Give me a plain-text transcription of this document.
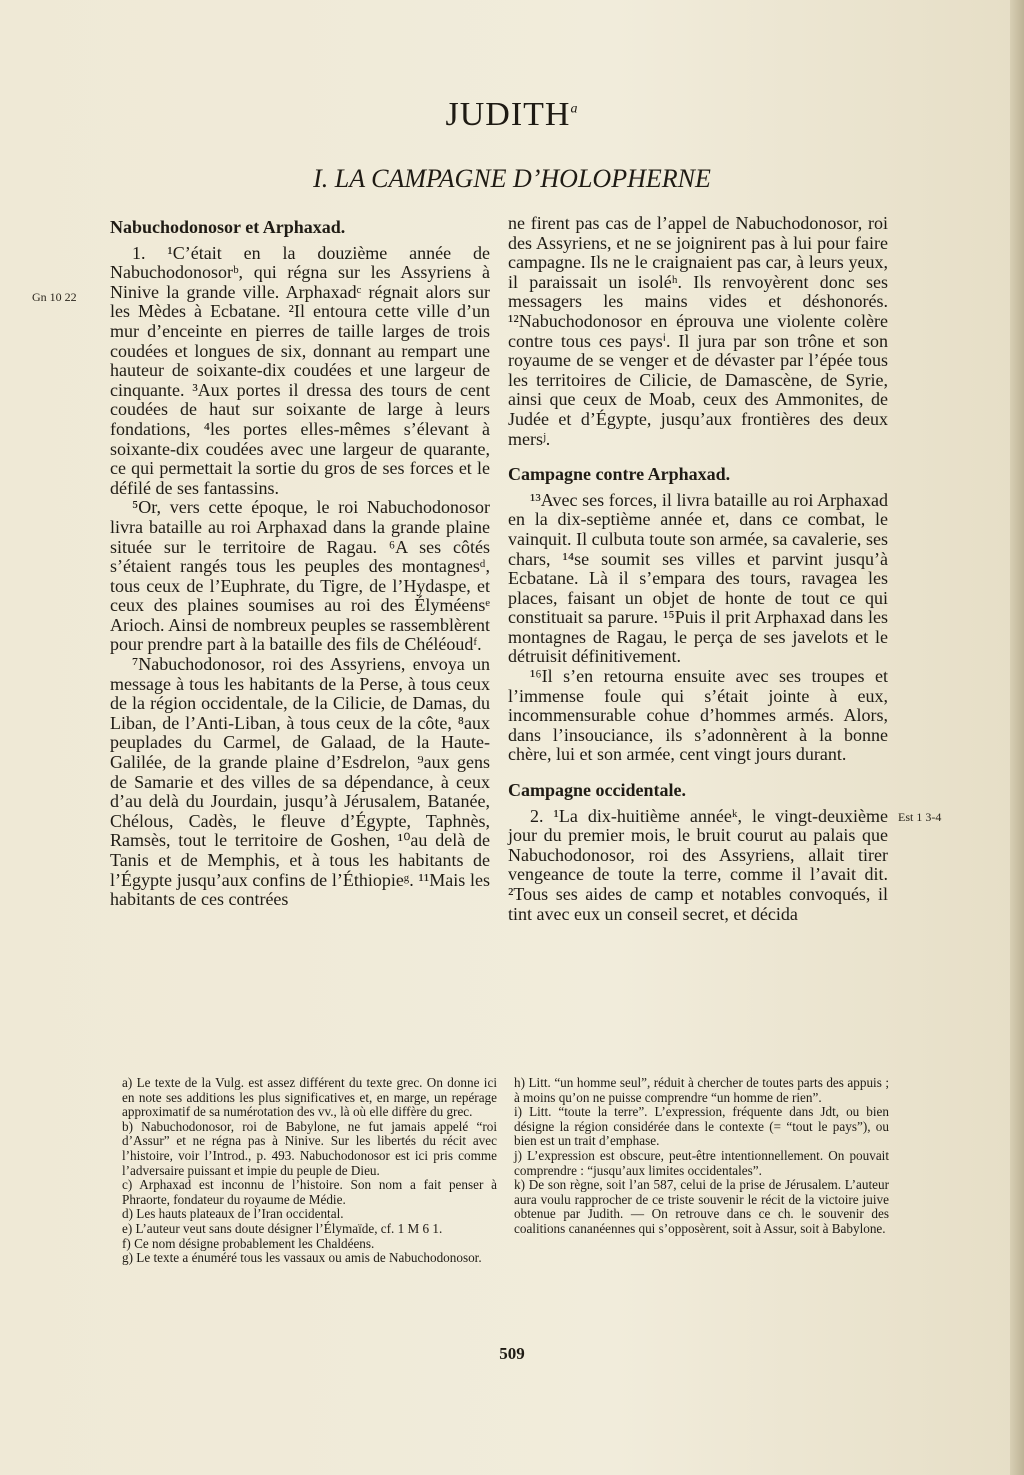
JUDITH$^a$
I. LA CAMPAGNE D’HOLOPHERNE
Gn 10 22
Est 1 3-4
Nabuchodonosor et Arphaxad.

1. ¹C’était en la douzième année de Nabuchodonosorᵇ, qui régna sur les Assyriens à Ninive la grande ville. Arphaxadᶜ régnait alors sur les Mèdes à Ecbatane. ²Il entoura cette ville d’un mur d’enceinte en pierres de taille larges de trois coudées et longues de six, donnant au rempart une hauteur de soixante-dix coudées et une largeur de cinquante. ³Aux portes il dressa des tours de cent coudées de haut sur soixante de large à leurs fondations, ⁴les portes elles-mêmes s’élevant à soixante-dix coudées avec une largeur de quarante, ce qui permettait la sortie du gros de ses forces et le défilé de ses fantassins.

⁵Or, vers cette époque, le roi Nabuchodonosor livra bataille au roi Arphaxad dans la grande plaine située sur le territoire de Ragau. ⁶A ses côtés s’étaient rangés tous les peuples des montagnesᵈ, tous ceux de l’Euphrate, du Tigre, de l’Hydaspe, et ceux des plaines soumises au roi des Élyméensᵉ Arioch. Ainsi de nombreux peuples se rassemblèrent pour prendre part à la bataille des fils de Chéléoudᶠ.

⁷Nabuchodonosor, roi des Assyriens, envoya un message à tous les habitants de la Perse, à tous ceux de la région occidentale, de la Cilicie, de Damas, du Liban, de l’Anti-Liban, à tous ceux de la côte, ⁸aux peuplades du Carmel, de Galaad, de la Haute-Galilée, de la grande plaine d’Esdrelon, ⁹aux gens de Samarie et des villes de sa dépendance, à ceux d’au delà du Jourdain, jusqu’à Jérusalem, Batanée, Chélous, Cadès, le fleuve d’Égypte, Taphnès, Ramsès, tout le territoire de Goshen, ¹⁰au delà de Tanis et de Memphis, et à tous les habitants de l’Égypte jusqu’aux confins de l’Éthiopieᵍ. ¹¹Mais les habitants de ces contrées

ne firent pas cas de l’appel de Nabuchodonosor, roi des Assyriens, et ne se joignirent pas à lui pour faire campagne. Ils ne le craignaient pas car, à leurs yeux, il paraissait un isoléʰ. Ils renvoyèrent donc ses messagers les mains vides et déshonorés. ¹²Nabuchodonosor en éprouva une violente colère contre tous ces paysⁱ. Il jura par son trône et son royaume de se venger et de dévaster par l’épée tous les territoires de Cilicie, de Damascène, de Syrie, ainsi que ceux de Moab, ceux des Ammonites, de Judée et d’Égypte, jusqu’aux frontières des deux mersʲ.

Campagne contre Arphaxad.

¹³Avec ses forces, il livra bataille au roi Arphaxad en la dix-septième année et, dans ce combat, le vainquit. Il culbuta toute son armée, sa cavalerie, ses chars, ¹⁴se soumit ses villes et parvint jusqu’à Ecbatane. Là il s’empara des tours, ravagea les places, faisant un objet de honte de tout ce qui constituait sa parure. ¹⁵Puis il prit Arphaxad dans les montagnes de Ragau, le perça de ses javelots et le détruisit définitivement.

¹⁶Il s’en retourna ensuite avec ses troupes et l’immense foule qui s’était jointe à eux, incommensurable cohue d’hommes armés. Alors, dans l’insouciance, ils s’adonnèrent à la bonne chère, lui et son armée, cent vingt jours durant.

Campagne occidentale.

2. ¹La dix-huitième annéeᵏ, le vingt-deuxième jour du premier mois, le bruit courut au palais que Nabuchodonosor, roi des Assyriens, allait tirer vengeance de toute la terre, comme il l’avait dit. ²Tous ses aides de camp et notables convoqués, il tint avec eux un conseil secret, et décida

a) Le texte de la Vulg. est assez différent du texte grec. On donne ici en note ses additions les plus significatives et, en marge, un repérage approximatif de sa numérotation des vv., là où elle diffère du grec.

b) Nabuchodonosor, roi de Babylone, ne fut jamais appelé “roi d’Assur” et ne régna pas à Ninive. Sur les libertés du récit avec l’histoire, voir l’Introd., p. 493. Nabuchodonosor est ici pris comme l’adversaire puissant et impie du peuple de Dieu.

c) Arphaxad est inconnu de l’histoire. Son nom a fait penser à Phraorte, fondateur du royaume de Médie.

d) Les hauts plateaux de l’Iran occidental.

e) L’auteur veut sans doute désigner l’Élymaïde, cf. 1 M 6 1.

f) Ce nom désigne probablement les Chaldéens.

g) Le texte a énuméré tous les vassaux ou amis de Nabuchodonosor.

h) Litt. “un homme seul”, réduit à chercher de toutes parts des appuis ; à moins qu’on ne puisse comprendre “un homme de rien”.

i) Litt. “toute la terre”. L’expression, fréquente dans Jdt, ou bien désigne la région considérée dans le contexte (= “tout le pays”), ou bien est un trait d’emphase.

j) L’expression est obscure, peut-être intentionnellement. On pouvait comprendre : “jusqu’aux limites occidentales”.

k) De son règne, soit l’an 587, celui de la prise de Jérusalem. L’auteur aura voulu rapprocher de ce triste souvenir le récit de la victoire juive obtenue par Judith. — On retrouve dans ce ch. le souvenir des coalitions cananéennes qui s’opposèrent, soit à Assur, soit à Babylone.

509
